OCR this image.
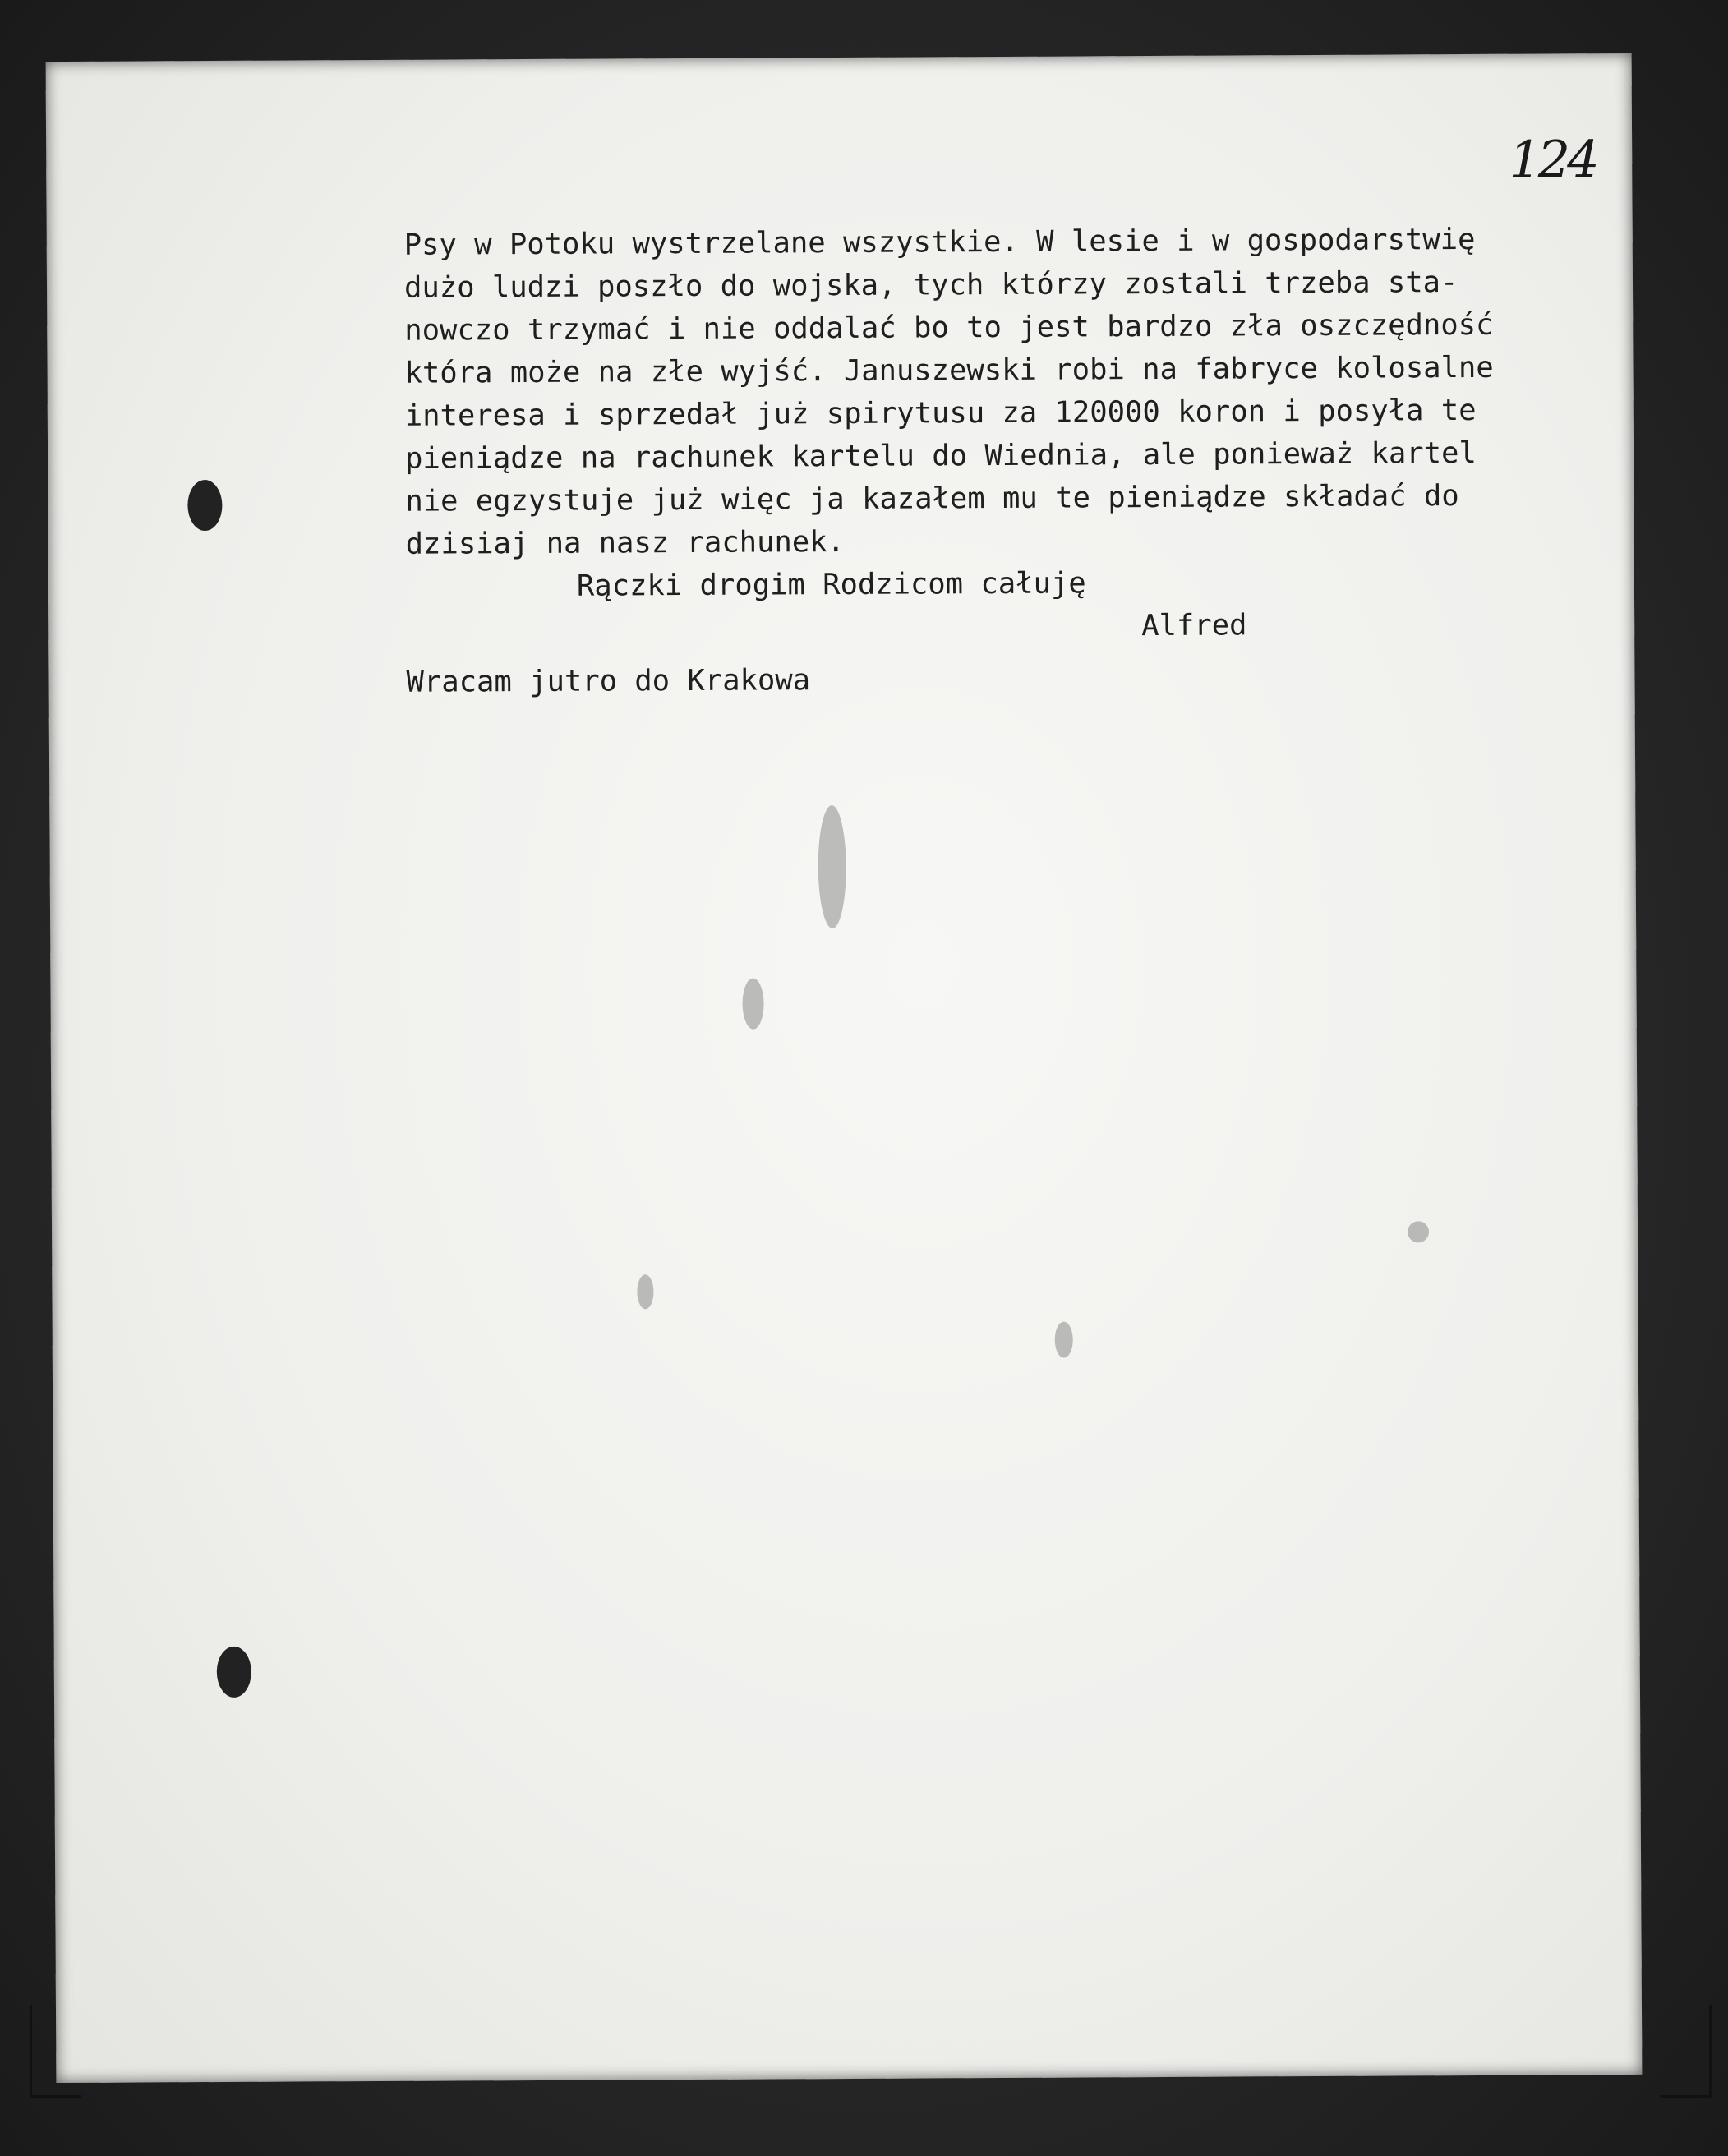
124
Psy w Potoku wystrzelane wszystkie. W lesie i w gospodarstwię
dużo ludzi poszło do wojska, tych którzy zostali trzeba sta-
nowczo trzymać i nie oddalać bo to jest bardzo zła oszczędność
która może na złe wyjść. Januszewski robi na fabryce kolosalne
interesa i sprzedał już spirytusu za 120000 koron i posyła te
pieniądze na rachunek kartelu do Wiednia, ale ponieważ kartel
nie egzystuje już więc ja kazałem mu te pieniądze składać do
dzisiaj na nasz rachunek.
Rączki drogim Rodzicom całuję
Alfred
Wracam jutro do Krakowa
